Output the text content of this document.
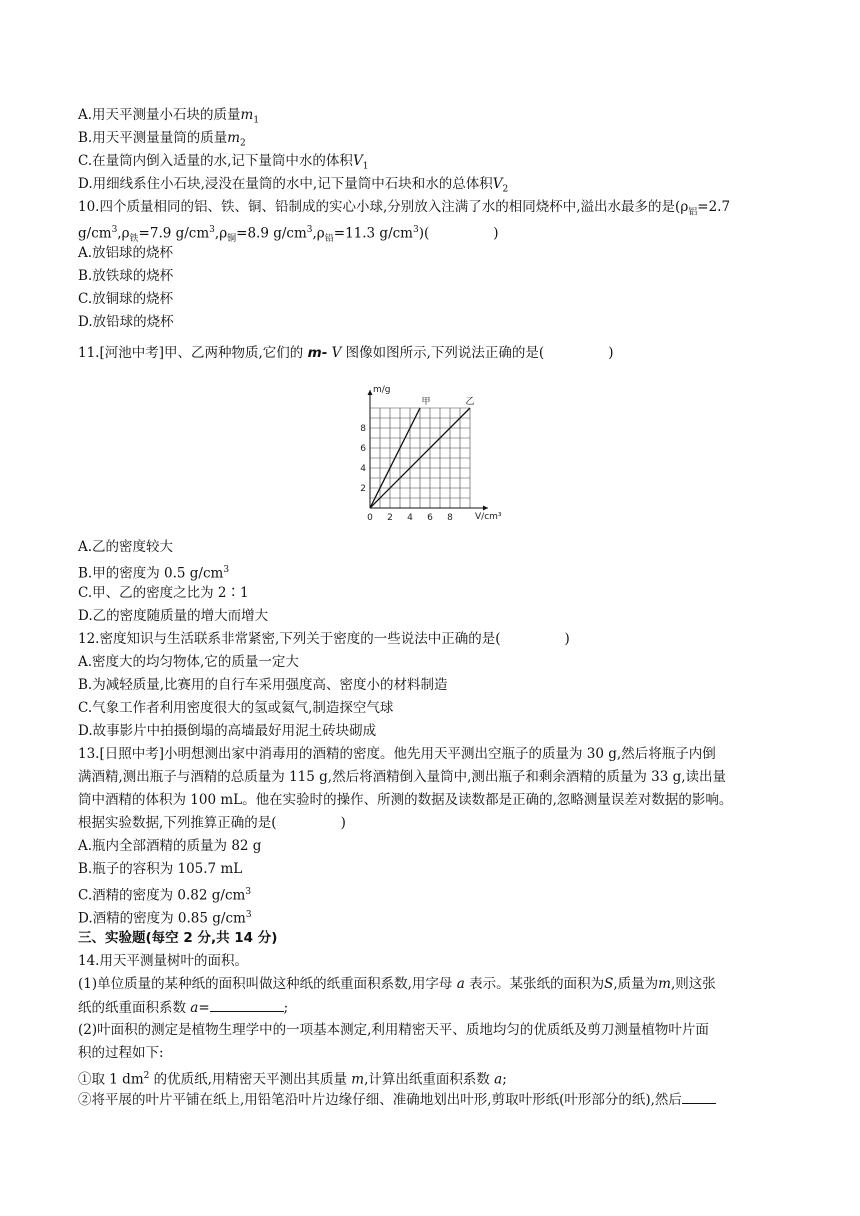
A.用天平测量小石块的质量$m_1$
B.用天平测量量筒的质量$m_2$
C.在量筒内倒入适量的水,记下量筒中水的体积$V_1$
D.用细线系住小石块,浸没在量筒的水中,记下量筒中石块和水的总体积$V_2$
10.四个质量相同的铝、铁、铜、铅制成的实心小球,分别放入注满了水的相同烧杯中,溢出水最多的是($\rho_铝=2.7$
$g/cm^3,\rho_铁=7.9$ $g/cm^3,\rho_铜=8.9$ $g/cm^3,\rho_铅=11.3$ $g/cm^3$)(	)
A.放铝球的烧杯
B.放铁球的烧杯
C.放铜球的烧杯
D.放铅球的烧杯
11.[河池中考]甲、乙两种物质,它们的 m- V 图像如图所示,下列说法正确的是(	)
0 2 4 6 8
2
4
6
8
甲	乙
m/g
V/cm³
A.乙的密度较大
B.甲的密度为 0.5 $g/cm^3$
C.甲、乙的密度之比为 2∶1
D.乙的密度随质量的增大而增大
12.密度知识与生活联系非常紧密,下列关于密度的一些说法中正确的是(	)
A.密度大的均匀物体,它的质量一定大
B.为减轻质量,比赛用的自行车采用强度高、密度小的材料制造
C.气象工作者利用密度很大的氢或氦气,制造探空气球
D.故事影片中拍摄倒塌的高墙最好用泥土砖块砌成
13.[日照中考]小明想测出家中消毒用的酒精的密度。他先用天平测出空瓶子的质量为 30 g,然后将瓶子内倒
满酒精,测出瓶子与酒精的总质量为 115 g,然后将酒精倒入量筒中,测出瓶子和剩余酒精的质量为 33 g,读出量
筒中酒精的体积为 100 mL。他在实验时的操作、所测的数据及读数都是正确的,忽略测量误差对数据的影响。
根据实验数据,下列推算正确的是(	)
A.瓶内全部酒精的质量为 82 g
B.瓶子的容积为 105.7 mL
C.酒精的密度为 0.82 $g/cm^3$
D.酒精的密度为 0.85 $g/cm^3$
三、实验题(每空 2 分,共 14 分)
14.用天平测量树叶的面积。
(1)单位质量的某种纸的面积叫做这种纸的纸重面积系数,用字母 a 表示。某张纸的面积为S,质量为m,则这张
纸的纸重面积系数 a=	;
(2)叶面积的测定是植物生理学中的一项基本测定,利用精密天平、质地均匀的优质纸及剪刀测量植物叶片面
积的过程如下:
①取 1 $dm^2$ 的优质纸,用精密天平测出其质量 m,计算出纸重面积系数 a;
②将平展的叶片平铺在纸上,用铅笔沿叶片边缘仔细、准确地划出叶形,剪取叶形纸(叶形部分的纸),然后
